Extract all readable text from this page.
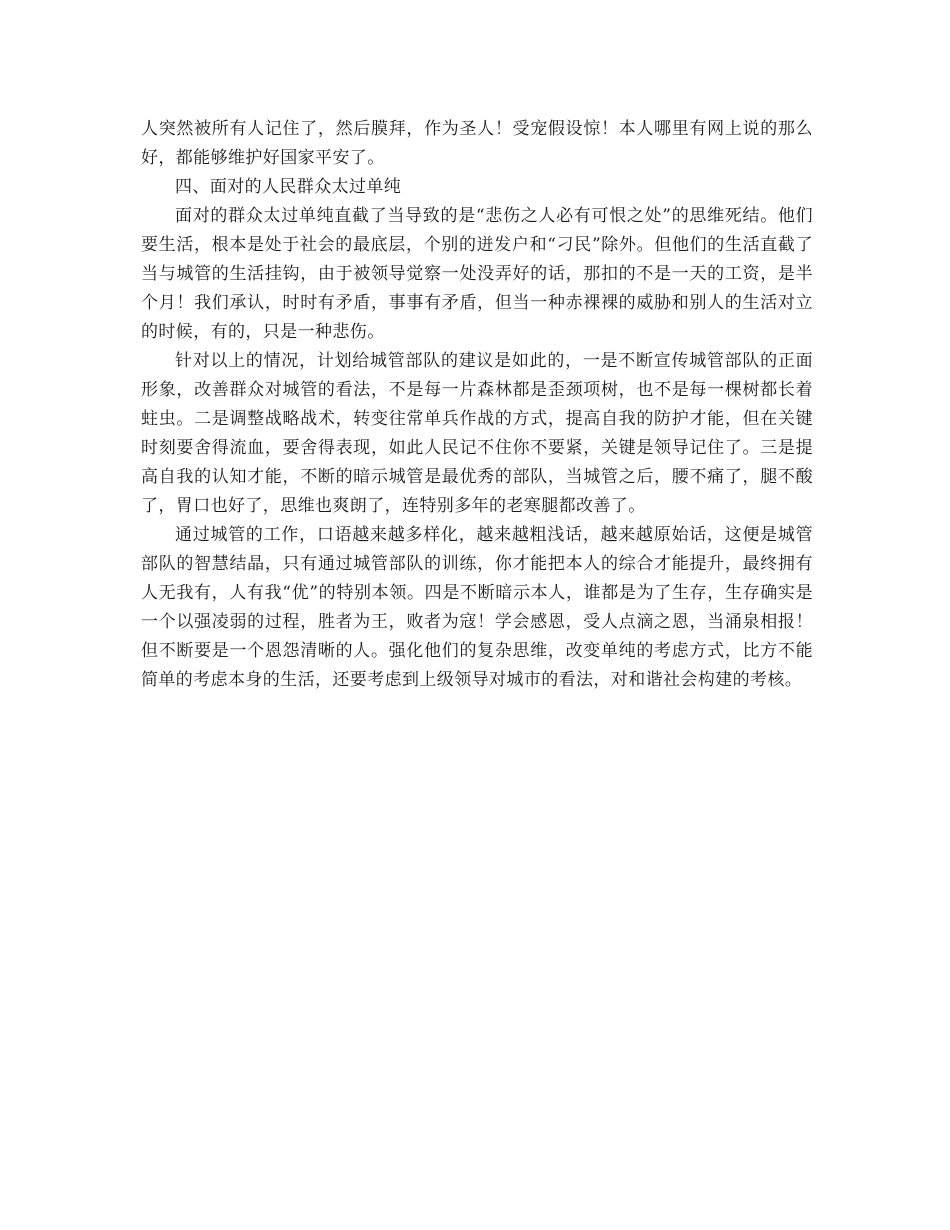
人突然被所有人记住了，然后膜拜，作为圣人！受宠假设惊！本人哪里有网上说的那么好，都能够维护好国家平安了。

四、面对的人民群众太过单纯

面对的群众太过单纯直截了当导致的是“悲伤之人必有可恨之处”的思维死结。他们要生活，根本是处于社会的最底层，个别的迸发户和“刁民”除外。但他们的生活直截了当与城管的生活挂钩，由于被领导觉察一处没弄好的话，那扣的不是一天的工资，是半个月！我们承认，时时有矛盾，事事有矛盾，但当一种赤裸裸的威胁和别人的生活对立的时候，有的，只是一种悲伤。

针对以上的情况，计划给城管部队的建议是如此的，一是不断宣传城管部队的正面形象，改善群众对城管的看法，不是每一片森林都是歪颈项树，也不是每一棵树都长着蛀虫。二是调整战略战术，转变往常单兵作战的方式，提高自我的防护才能，但在关键时刻要舍得流血，要舍得表现，如此人民记不住你不要紧，关键是领导记住了。三是提高自我的认知才能，不断的暗示城管是最优秀的部队，当城管之后，腰不痛了，腿不酸了，胃口也好了，思维也爽朗了，连特别多年的老寒腿都改善了。

通过城管的工作，口语越来越多样化，越来越粗浅话，越来越原始话，这便是城管部队的智慧结晶，只有通过城管部队的训练，你才能把本人的综合才能提升，最终拥有人无我有，人有我“优”的特别本领。四是不断暗示本人，谁都是为了生存，生存确实是一个以强凌弱的过程，胜者为王，败者为寇！学会感恩，受人点滴之恩，当涌泉相报！但不断要是一个恩怨清晰的人。强化他们的复杂思维，改变单纯的考虑方式，比方不能简单的考虑本身的生活，还要考虑到上级领导对城市的看法，对和谐社会构建的考核。
